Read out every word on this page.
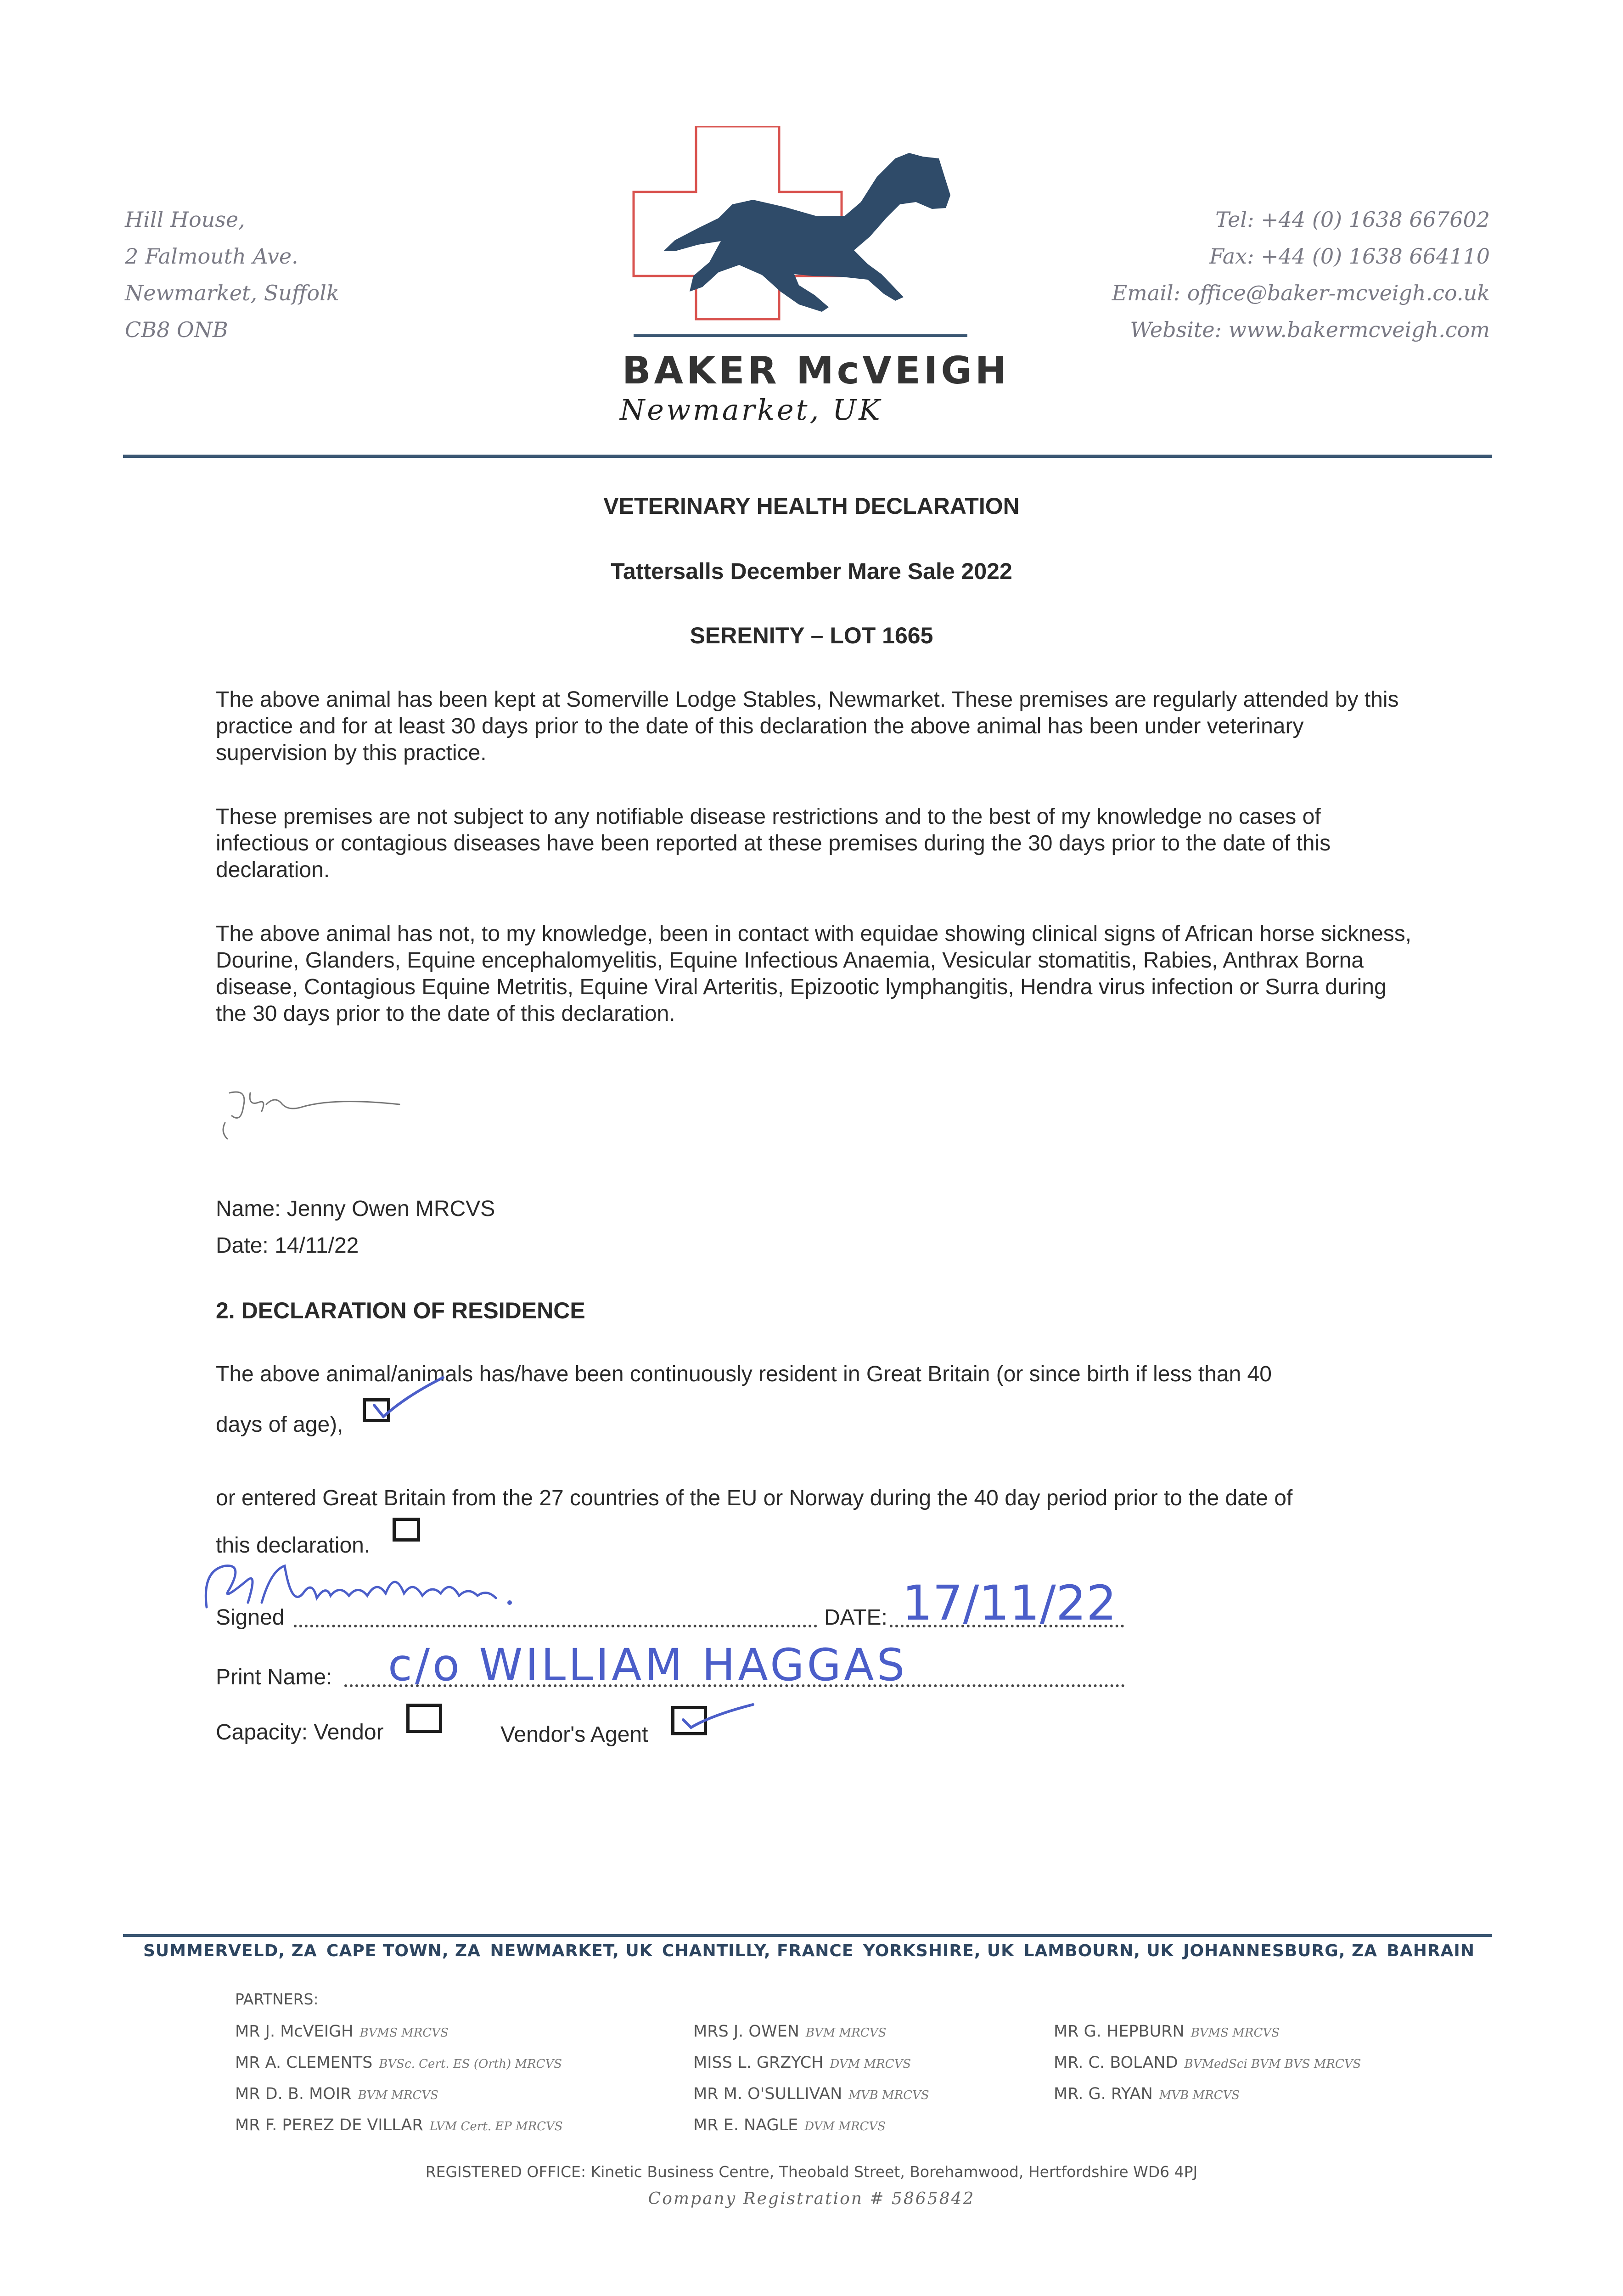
Hill House,
2 Falmouth Ave.
Newmarket, Suffolk
CB8 ONB
BAKER McVEIGH
Newmarket, UK
Tel: +44 (0) 1638 667602
Fax: +44 (0) 1638 664110
Email: office@baker-mcveigh.co.uk
Website: www.bakermcveigh.com
VETERINARY HEALTH DECLARATION
Tattersalls December Mare Sale 2022
SERENITY – LOT 1665
The above animal has been kept at Somerville Lodge Stables, Newmarket. These premises are regularly attended by this practice and for at least 30 days prior to the date of this declaration the above animal has been under veterinary supervision by this practice.
These premises are not subject to any notifiable disease restrictions and to the best of my knowledge no cases of infectious or contagious diseases have been reported at these premises during the 30 days prior to the date of this declaration.
The above animal has not, to my knowledge, been in contact with equidae showing clinical signs of African horse sickness, Dourine, Glanders, Equine encephalomyelitis, Equine Infectious Anaemia, Vesicular stomatitis, Rabies, Anthrax Borna disease, Contagious Equine Metritis, Equine Viral Arteritis, Epizootic lymphangitis, Hendra virus infection or Surra during the 30 days prior to the date of this declaration.
Name: Jenny Owen MRCVS
Date: 14/11/22
2. DECLARATION OF RESIDENCE
The above animal/animals has/have been continuously resident in Great Britain (or since birth if less than 40
days of age),
or entered Great Britain from the 27 countries of the EU or Norway during the 40 day period prior to the date of
this declaration.
Signed	DATE: 17/11/22
Print Name: c/o WILLIAM HAGGAS
Capacity: Vendor	Vendor's Agent
SUMMERVELD, ZA CAPE TOWN, ZA NEWMARKET, UK CHANTILLY, FRANCE YORKSHIRE, UK LAMBOURN, UK JOHANNESBURG, ZA BAHRAIN
PARTNERS:
MR J. McVEIGH BVMS MRCVS
MR A. CLEMENTS BVSc. Cert. ES (Orth) MRCVS
MR D. B. MOIR BVM MRCVS
MR F. PEREZ DE VILLAR LVM Cert. EP MRCVS
MRS J. OWEN BVM MRCVS
MISS L. GRZYCH DVM MRCVS
MR M. O'SULLIVAN MVB MRCVS
MR E. NAGLE DVM MRCVS
MR G. HEPBURN BVMS MRCVS
MR. C. BOLAND BVMedSci BVM BVS MRCVS
MR. G. RYAN MVB MRCVS
REGISTERED OFFICE: Kinetic Business Centre, Theobald Street, Borehamwood, Hertfordshire WD6 4PJ
Company Registration # 5865842
